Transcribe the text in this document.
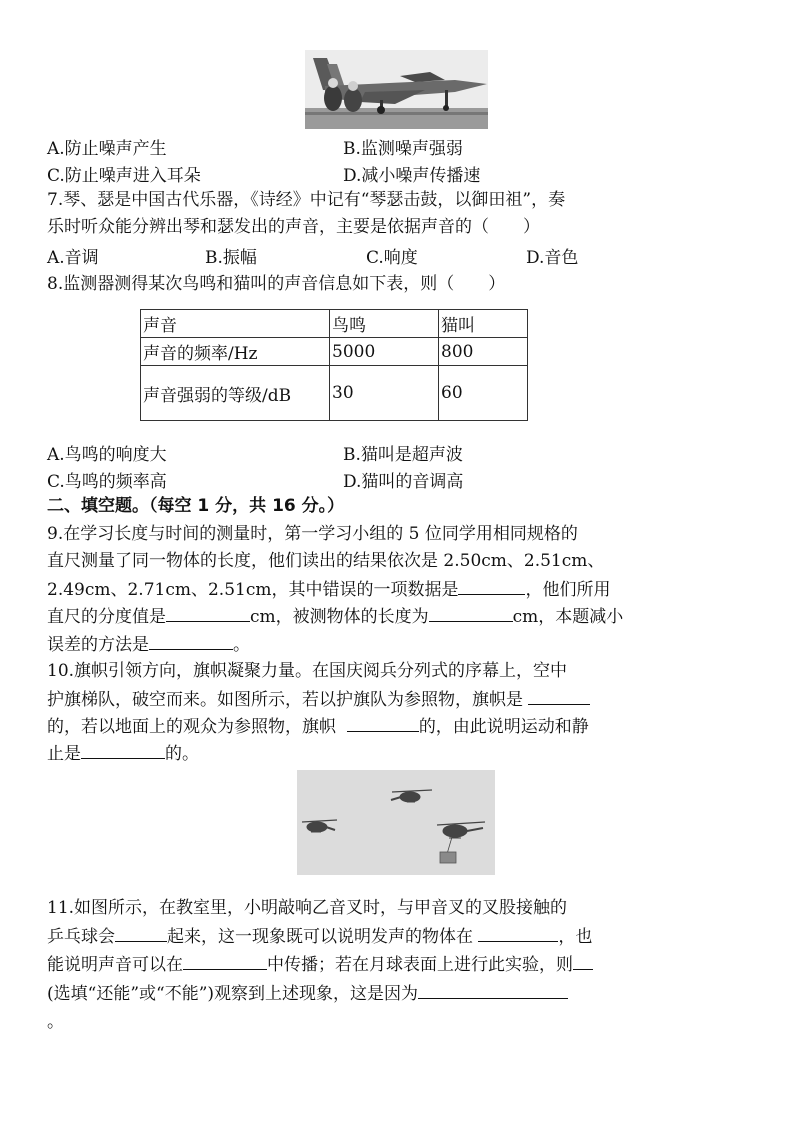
A.防止噪声产生	B.监测噪声强弱
C.防止噪声进入耳朵	D.减小噪声传播速
7.琴、瑟是中国古代乐器，《诗经》中记有“琴瑟击鼓，以御田祖”，奏
乐时听众能分辨出琴和瑟发出的声音，主要是依据声音的（　　）
A.音调	B.振幅	C.响度	D.音色
8.监测器测得某次鸟鸣和猫叫的声音信息如下表，则（　　）
声音	鸟鸣	猫叫
声音的频率/Hz	5000	800
声音强弱的等级/dB	30	60
A.鸟鸣的响度大	B.猫叫是超声波
C.鸟鸣的频率高	D.猫叫的音调高
二、填空题。（每空 1 分，共 16 分。）
9.在学习长度与时间的测量时，第一学习小组的 5 位同学用相同规格的
直尺测量了同一物体的长度，他们读出的结果依次是 2.50cm、2.51cm、
2.49cm、2.71cm、2.51cm，其中错误的一项数据是	，他们所用
直尺的分度值是	cm，被测物体的长度为	cm，本题减小
误差的方法是	。
10.旗帜引领方向，旗帜凝聚力量。在国庆阅兵分列式的序幕上，空中
护旗梯队，破空而来。如图所示，若以护旗队为参照物，旗帜是
的，若以地面上的观众为参照物，旗帜	的，由此说明运动和静
止是	的。
11.如图所示，在教室里，小明敲响乙音叉时，与甲音叉的叉股接触的
乒乓球会	起来，这一现象既可以说明发声的物体在	，也
能说明声音可以在	中传播；若在月球表面上进行此实验，则
(选填“还能”或“不能”)观察到上述现象，这是因为
。
